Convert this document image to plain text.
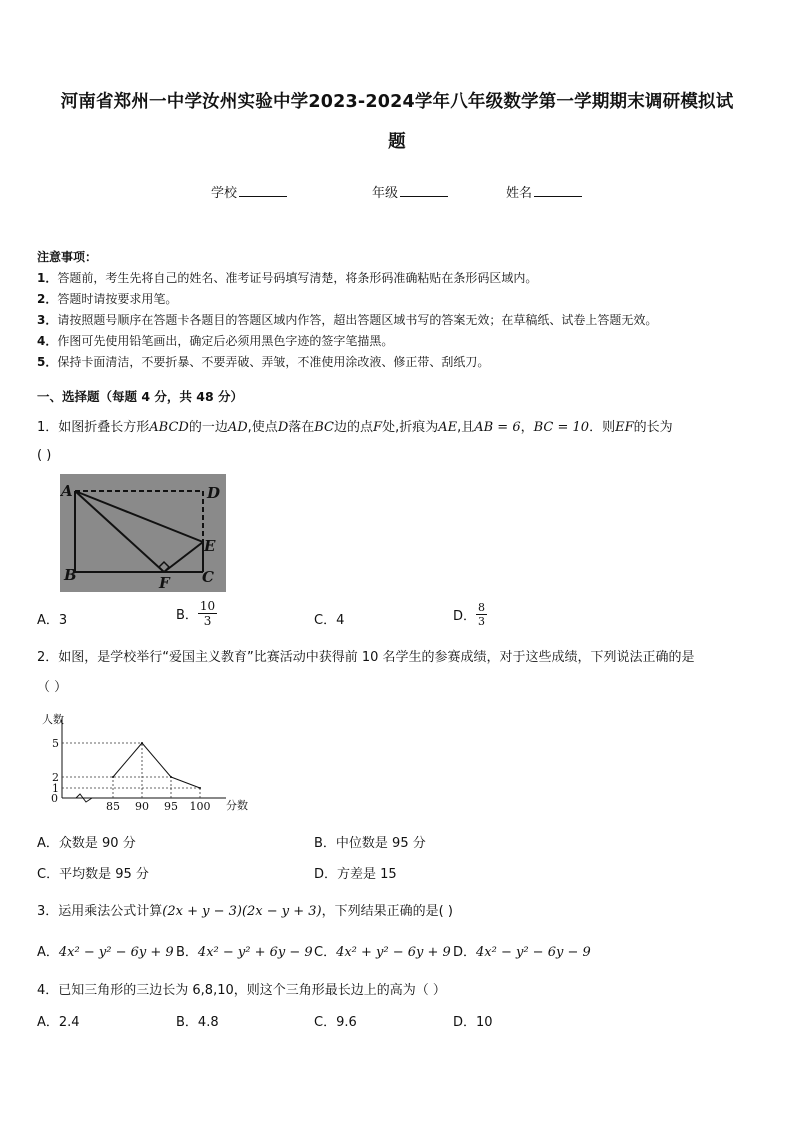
河南省郑州一中学汝州实验中学2023-2024学年八年级数学第一学期期末调研模拟试
题
学校	年级	姓名
注意事项：
1．答题前，考生先将自己的姓名、准考证号码填写清楚，将条形码准确粘贴在条形码区域内。
2．答题时请按要求用笔。
3．请按照题号顺序在答题卡各题目的答题区域内作答，超出答题区域书写的答案无效；在草稿纸、试卷上答题无效。
4．作图可先使用铅笔画出，确定后必须用黑色字迹的签字笔描黑。
5．保持卡面清洁，不要折暴、不要弄破、弄皱，不准使用涂改液、修正带、刮纸刀。
一、选择题（每题 4 分，共 48 分）
1．如图折叠长方形ABCD的一边AD,使点D落在BC边的点F处,折痕为AE,且AB = 6，BC = 10．则EF的长为
( )
A	D
E
B	F C
A．3	B． $\frac{10}{3}$	C．4	D． $\frac{8}{3}$
2．如图，是学校举行“爱国主义教育”比赛活动中获得前 10 名学生的参赛成绩，对于这些成绩，下列说法正确的是
（ ）
人数
分数
0
1
2
5
85 90 95 100
A．众数是 90 分	B．中位数是 95 分
C．平均数是 95 分	D．方差是 15
3．运用乘法公式计算(2x + y − 3)(2x − y + 3)，下列结果正确的是( )
A．4x² − y² − 6y + 9 B．4x² − y² + 6y − 9 C．4x² + y² − 6y + 9 D．4x² − y² − 6y − 9
4．已知三角形的三边长为 6,8,10，则这个三角形最长边上的高为（ ）
A．2.4	B．4.8	C．9.6	D．10
